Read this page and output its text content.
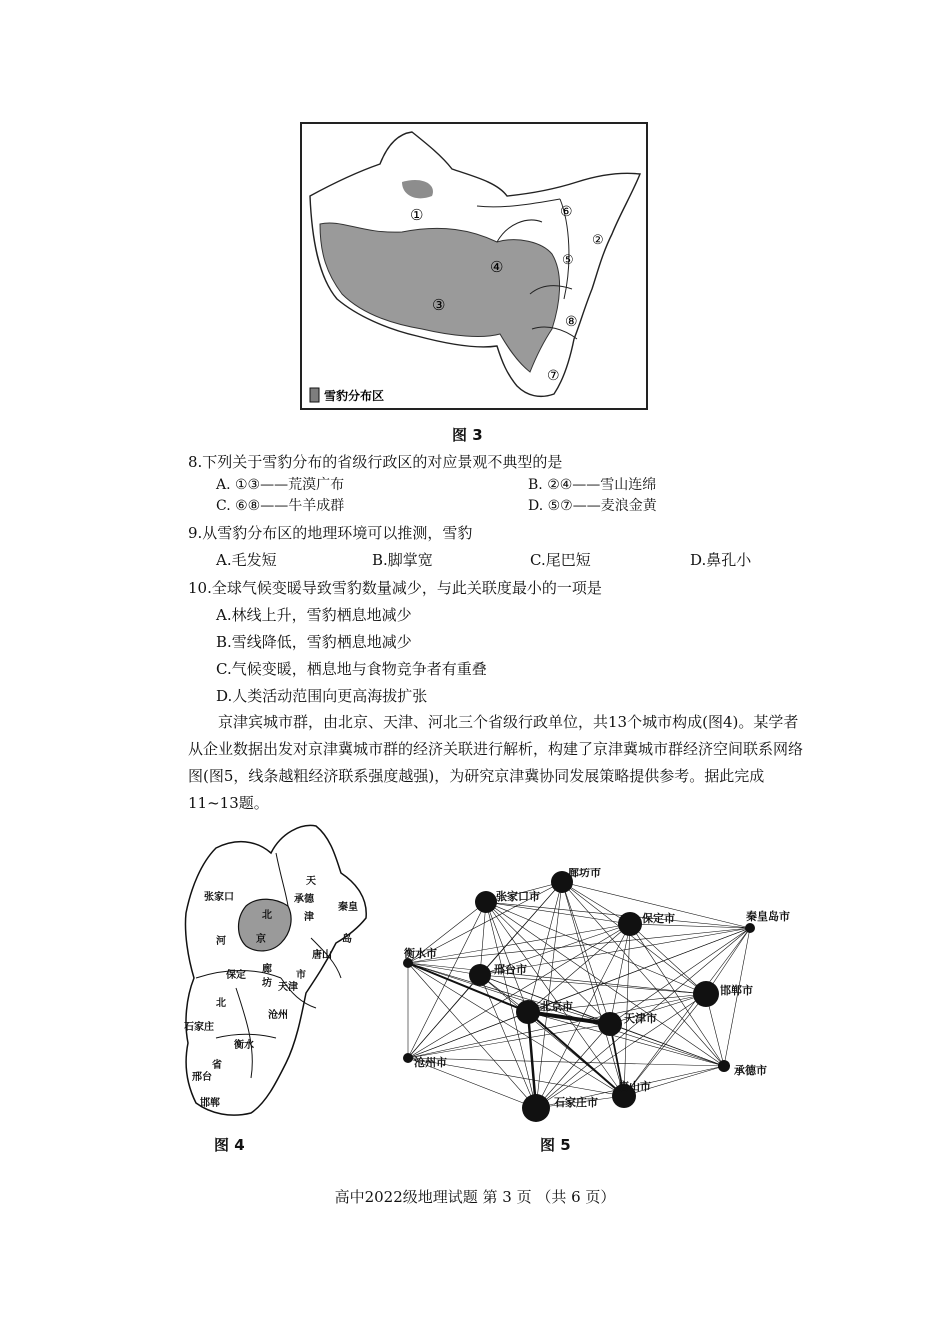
①
③
④	⑤
⑥
②
⑧
⑦
雪豹分布区
图 3
8.下列关于雪豹分布的省级行政区的对应景观不典型的是
A. ①③——荒漠广布	B. ②④——雪山连绵
C. ⑥⑧——牛羊成群	D. ⑤⑦——麦浪金黄
9.从雪豹分布区的地理环境可以推测，雪豹
A.毛发短	B.脚掌宽	C.尾巴短	D.鼻孔小
10.全球气候变暖导致雪豹数量减少，与此关联度最小的一项是
A.林线上升，雪豹栖息地减少
B.雪线降低，雪豹栖息地减少
C.气候变暖，栖息地与食物竞争者有重叠
D.人类活动范围向更高海拔扩张

京津宾城市群，由北京、天津、河北三个省级行政单位，共13个城市构成(图4)。某学者从企业数据出发对京津冀城市群的经济关联进行解析，构建了京津冀城市群经济空间联系网络图(图5，线条越粗经济联系强度越强)，为研究京津冀协同发展策略提供参考。据此完成11~13题。

张家口
河
北
京
天
承德
津
秦皇
岛
唐山
市
廊
坊 天津
保定
北
石家庄
衡水
沧州
省
邢台
邯郸
图 4
廊坊市
张家口市
保定市	秦皇岛市
衡水市
邢台市
北京市
邯郸市
天津市
沧州市
承德市
石家庄市
唐山市
图 5
高中2022级地理试题 第 3 页 （共 6 页）
